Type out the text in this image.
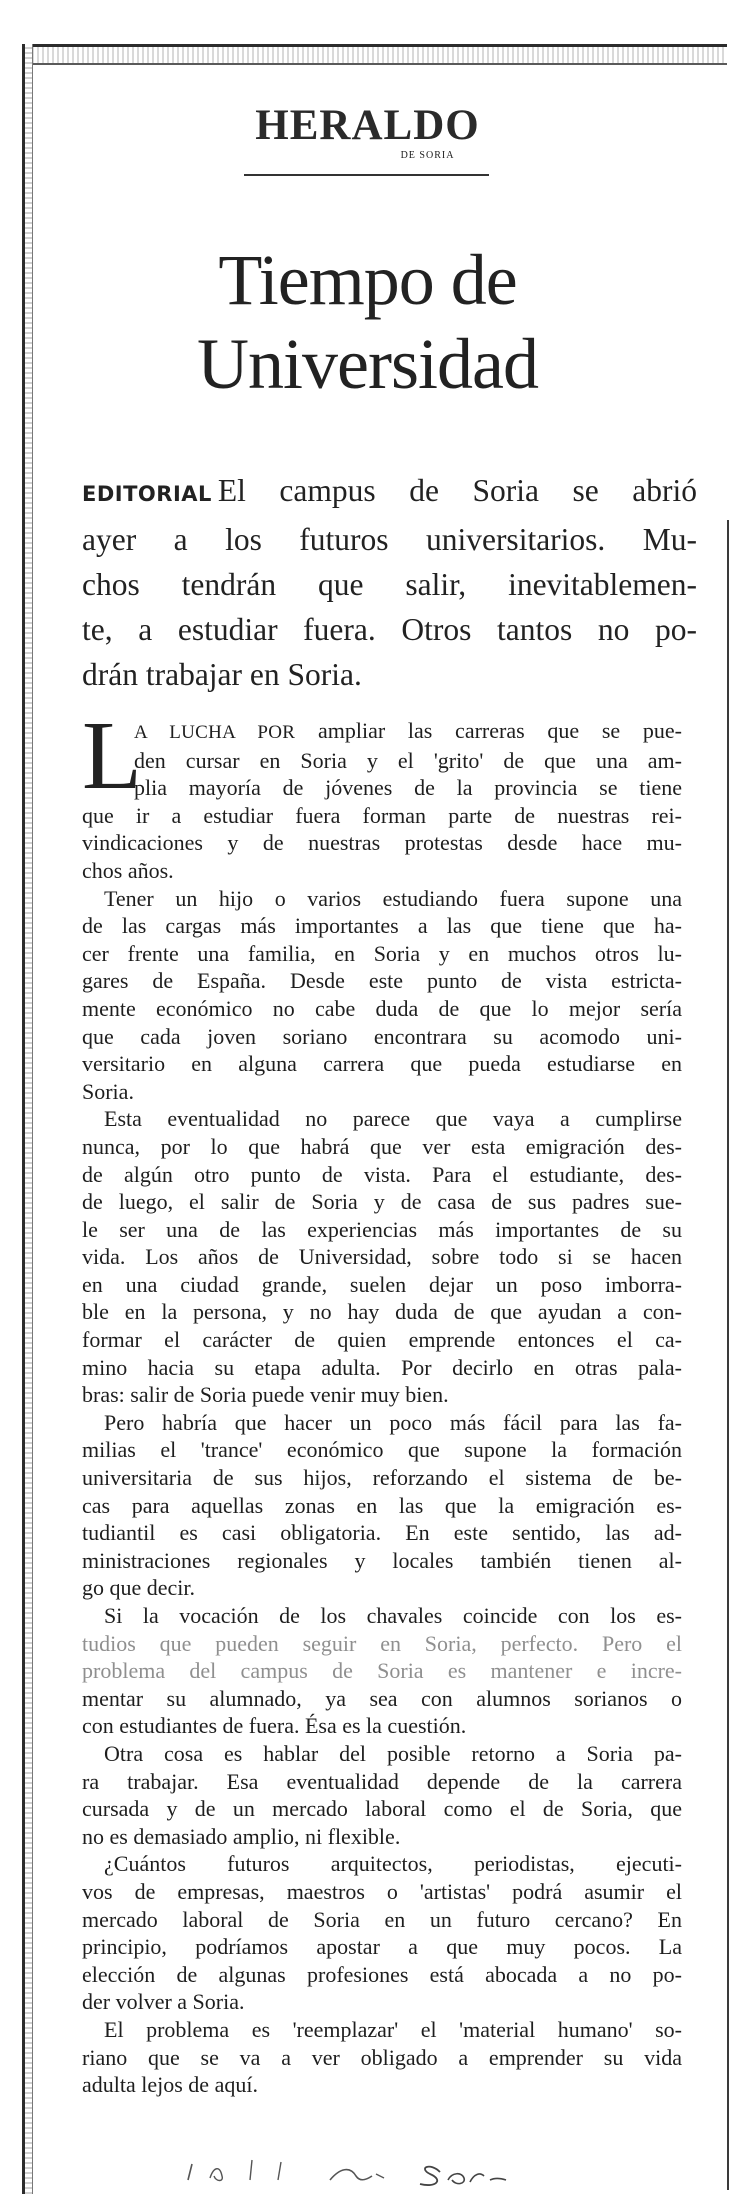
HERALDO
DE SORIA
Tiempo de
Universidad
EDITORIAL El campus de Soria se abrió
ayer a los futuros universitarios. Mu-
chos tendrán que salir, inevitablemen-
te, a estudiar fuera. Otros tantos no po-
drán trabajar en Soria.
L
A LUCHA POR ampliar las carreras que se pue-
den cursar en Soria y el 'grito' de que una am-
plia mayoría de jóvenes de la provincia se tiene
que ir a estudiar fuera forman parte de nuestras rei-
vindicaciones y de nuestras protestas desde hace mu-
chos años.
Tener un hijo o varios estudiando fuera supone una
de las cargas más importantes a las que tiene que ha-
cer frente una familia, en Soria y en muchos otros lu-
gares de España. Desde este punto de vista estricta-
mente económico no cabe duda de que lo mejor sería
que cada joven soriano encontrara su acomodo uni-
versitario en alguna carrera que pueda estudiarse en
Soria.
Esta eventualidad no parece que vaya a cumplirse
nunca, por lo que habrá que ver esta emigración des-
de algún otro punto de vista. Para el estudiante, des-
de luego, el salir de Soria y de casa de sus padres sue-
le ser una de las experiencias más importantes de su
vida. Los años de Universidad, sobre todo si se hacen
en una ciudad grande, suelen dejar un poso imborra-
ble en la persona, y no hay duda de que ayudan a con-
formar el carácter de quien emprende entonces el ca-
mino hacia su etapa adulta. Por decirlo en otras pala-
bras: salir de Soria puede venir muy bien.
Pero habría que hacer un poco más fácil para las fa-
milias el 'trance' económico que supone la formación
universitaria de sus hijos, reforzando el sistema de be-
cas para aquellas zonas en las que la emigración es-
tudiantil es casi obligatoria. En este sentido, las ad-
ministraciones regionales y locales también tienen al-
go que decir.
Si la vocación de los chavales coincide con los es-
tudios que pueden seguir en Soria, perfecto. Pero el
problema del campus de Soria es mantener e incre-
mentar su alumnado, ya sea con alumnos sorianos o
con estudiantes de fuera. Ésa es la cuestión.
Otra cosa es hablar del posible retorno a Soria pa-
ra trabajar. Esa eventualidad depende de la carrera
cursada y de un mercado laboral como el de Soria, que
no es demasiado amplio, ni flexible.
¿Cuántos futuros arquitectos, periodistas, ejecuti-
vos de empresas, maestros o 'artistas' podrá asumir el
mercado laboral de Soria en un futuro cercano? En
principio, podríamos apostar a que muy pocos. La
elección de algunas profesiones está abocada a no po-
der volver a Soria.
El problema es 'reemplazar' el 'material humano' so-
riano que se va a ver obligado a emprender su vida
adulta lejos de aquí.
